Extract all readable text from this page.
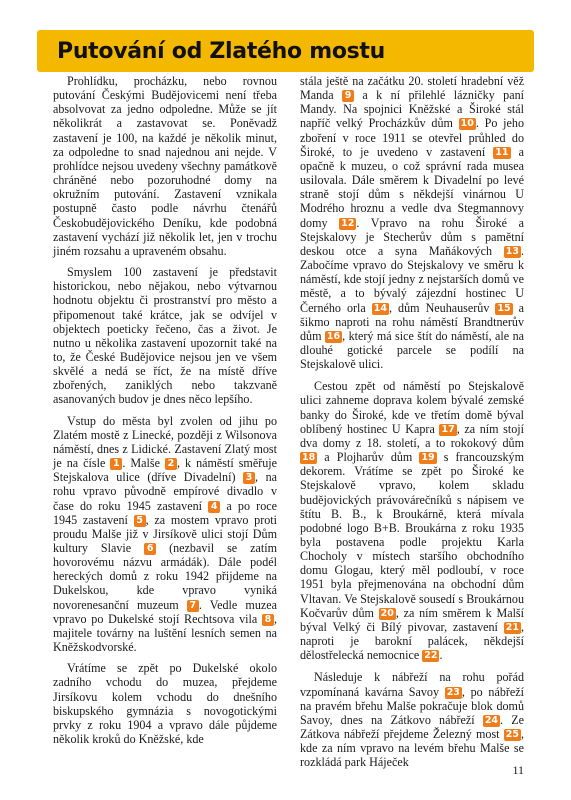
Putování od Zlatého mostu

Prohlídku, procházku, nebo rovnou putování Českými Budějovicemi není třeba absolvovat za jedno odpoledne. Může se jít několikrát a zastavovat se. Poněvadž zastavení je 100, na každé je několik minut, za odpoledne to snad najednou ani nejde. V prohlídce nejsou uvedeny všechny památkově chráněné nebo pozoruhodné domy na okružním putování. Zastavení vznikala postupně často podle návrhu čtenářů Českobudějovického Deníku, kde podobná zastavení vychází již několik let, jen v trochu jiném rozsahu a upraveném obsahu.

Smyslem 100 zastavení je představit historickou, nebo nějakou, nebo výtvarnou hodnotu objektu či prostranství pro město a připomenout také krátce, jak se odvíjel v objektech poeticky řečeno, čas a život. Je nutno u několika zastavení upozornit také na to, že České Budějovice nejsou jen ve všem skvělé a nedá se říct, že na místě dříve zbořených, zaniklých nebo takzvaně asanovaných budov je dnes něco lepšího.

Vstup do města byl zvolen od jihu po Zlatém mostě z Linecké, později z Wilsonova náměstí, dnes z Lidické. Zastavení Zlatý most je na čísle 1 . Malše 2 , k náměstí směřuje Stejskalova ulice (dříve Divadelní) 3 , na rohu vpravo původně empírové divadlo v čase do roku 1945 zastavení 4 a po roce 1945 zastavení 5 , za mostem vpravo proti proudu Malše již v Jirsíkově ulici stojí Dům kultury Slavie 6 (nezbavil se zatím hovorovému názvu armádák). Dále podél hereckých domů z roku 1942 přijdeme na Dukelskou, kde vpravo vyniká novorenesanční muzeum 7 . Vedle muzea vpravo po Dukelské stojí Rechtsova vila 8 , majitele továrny na luštění lesních semen na Kněžskodvorské.

Vrátíme se zpět po Dukelské okolo zadního vchodu do muzea, přejdeme Jirsíkovu kolem vchodu do dnešního biskupského gymnázia s novogotickými prvky z roku 1904 a vpravo dále půjdeme několik kroků do Kněžské, kde

stála ještě na začátku 20. století hradební věž Manda 9 a k ní přilehlé lázničky paní Mandy. Na spojnici Kněžské a Široké stál napříč velký Procházkův dům 10 . Po jeho zboření v roce 1911 se otevřel průhled do Široké, to je uvedeno v zastavení 11 a opačně k muzeu, o což správní rada musea usilovala. Dále směrem k Divadelní po levé straně stojí dům s někdejší vinárnou U Modrého hroznu a vedle dva Stegmannovy domy 12 . Vpravo na rohu Široké a Stejskalovy je Stecherův dům s pamětní deskou otce a syna Maňákových 13 . Zabočíme vpravo do Stejskalovy ve směru k náměstí, kde stojí jedny z nejstarších domů ve městě, a to bývalý zájezdní hostinec U Černého orla 14 , dům Neuhauserův 15 a šikmo naproti na rohu náměstí Brandtnerův dům 16 , který má sice štít do náměstí, ale na dlouhé gotické parcele se podílí na Stejskalově ulici.

Cestou zpět od náměstí po Stejskalově ulici zahneme doprava kolem bývalé zemské banky do Široké, kde ve třetím domě býval oblíbený hostinec U Kapra 17 , za ním stojí dva domy z 18. století, a to rokokový dům 18 a Plojharův dům 19 s francouzským dekorem. Vrátíme se zpět po Široké ke Stejskalově vpravo, kolem skladu budějovických právovárečníků s nápisem ve štítu B. B., k Broukárně, která mívala podobné logo B+B. Broukárna z roku 1935 byla postavena podle projektu Karla Chocholy v místech staršího obchodního domu Glogau, který měl podloubí, v roce 1951 byla přejmenována na obchodní dům Vltavan. Ve Stejskalově sousedí s Broukárnou Kočvarův dům 20 , za ním směrem k Malší býval Velký či Bílý pivovar, zastavení 21 , naproti je barokní palácek, někdejší dělostřelecká nemocnice 22 .

Následuje k nábřeží na rohu pořád vzpomínaná kavárna Savoy 23 , po nábřeží na pravém břehu Malše pokračuje blok domů Savoy, dnes na Zátkovo nábřeží 24 . Ze Zátkova nábřeží přejdeme Železný most 25 , kde za ním vpravo na levém břehu Malše se rozkládá park Háječek

11
